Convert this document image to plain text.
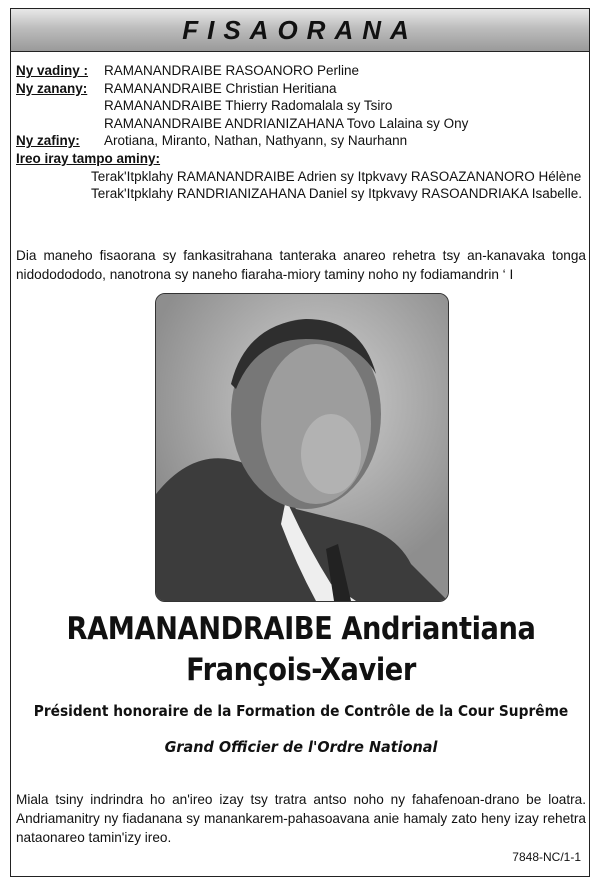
FISAORANA
Ny vadiny :	RAMANANDRAIBE RASOANORO Perline
Ny zanany:	RAMANANDRAIBE Christian Heritiana
RAMANANDRAIBE Thierry Radomalala sy Tsiro
RAMANANDRAIBE ANDRIANIZAHANA Tovo Lalaina sy Ony
Ny zafiny:	Arotiana, Miranto, Nathan, Nathyann, sy Naurhann
Ireo iray tampo aminy:
Terak'Itpklahy RAMANANDRAIBE Adrien sy Itpkvavy RASOAZANANORO Hélène
Terak'Itpklahy RANDRIANIZAHANA Daniel sy Itpkvavy RASOANDRIAKA Isabelle.
Dia maneho fisaorana sy fankasitrahana tanteraka anareo rehetra tsy an-kanavaka tonga nidododododo, nanotrona sy naneho fiaraha-miory taminy noho ny fodiamandrin ‘ I
RAMANANDRAIBE Andriantiana
François-Xavier
Président honoraire de la Formation de Contrôle de la Cour Suprême
Grand Officier de l'Ordre National
Miala tsiny indrindra ho an'ireo izay tsy tratra antso noho ny fahafenoan-drano be loatra. Andriamanitry ny fiadanana sy manankarem-pahasoavana anie hamaly zato heny izay rehetra nataonareo tamin'izy ireo.
7848-NC/1-1
